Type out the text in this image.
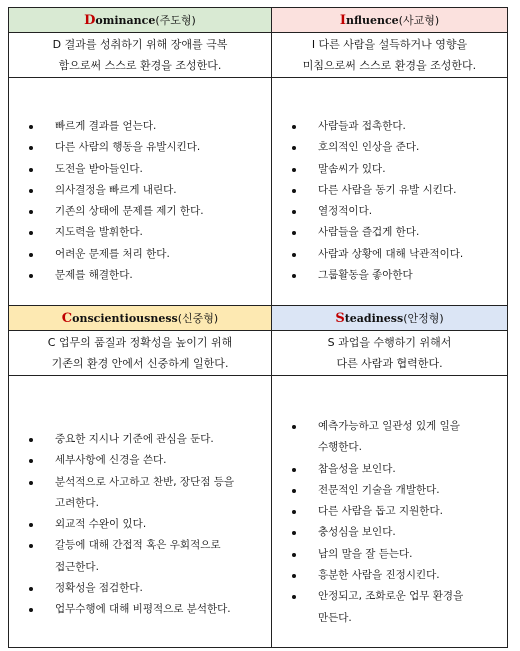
D ominance (주도형)	I nfluence (사교형)
D 결과를 성취하기 위해 장애를 극복
함으로써 스스로 환경을 조성한다.
I 다른 사람을 설득하거나 영향을
미침으로써 스스로 환경을 조성한다.
빠르게 결과를 얻는다.
다른 사람의 행동을 유발시킨다.
도전을 받아들인다.
의사결정을 빠르게 내린다.
기존의 상태에 문제를 제기 한다.
지도력을 발휘한다.
어려운 문제를 처리 한다.
문제를 해결한다.
사람들과 접촉한다.
호의적인 인상을 준다.
말솜씨가 있다.
다른 사람을 동기 유발 시킨다.
열정적이다.
사람들을 즐겁게 한다.
사람과 상황에 대해 낙관적이다.
그룹활동을 좋아한다
C onscientiousness (신중형)	S teadiness (안정형)
C 업무의 품질과 정확성을 높이기 위해
기존의 환경 안에서 신중하게 일한다.
S 과업을 수행하기 위해서
다른 사람과 협력한다.
중요한 지시나 기준에 관심을 둔다.
세부사항에 신경을 쓴다.
분석적으로 사고하고 찬반, 장단점 등을
고려한다.
외교적 수완이 있다.
갈등에 대해 간접적 혹은 우회적으로
접근한다.
정확성을 점검한다.
업무수행에 대해 비평적으로 분석한다.
예측가능하고 일관성 있게 일을
수행한다.
참을성을 보인다.
전문적인 기술을 개발한다.
다른 사람을 돕고 지원한다.
충성심을 보인다.
남의 말을 잘 듣는다.
흥분한 사람을 진정시킨다.
안정되고, 조화로운 업무 환경을
만든다.
